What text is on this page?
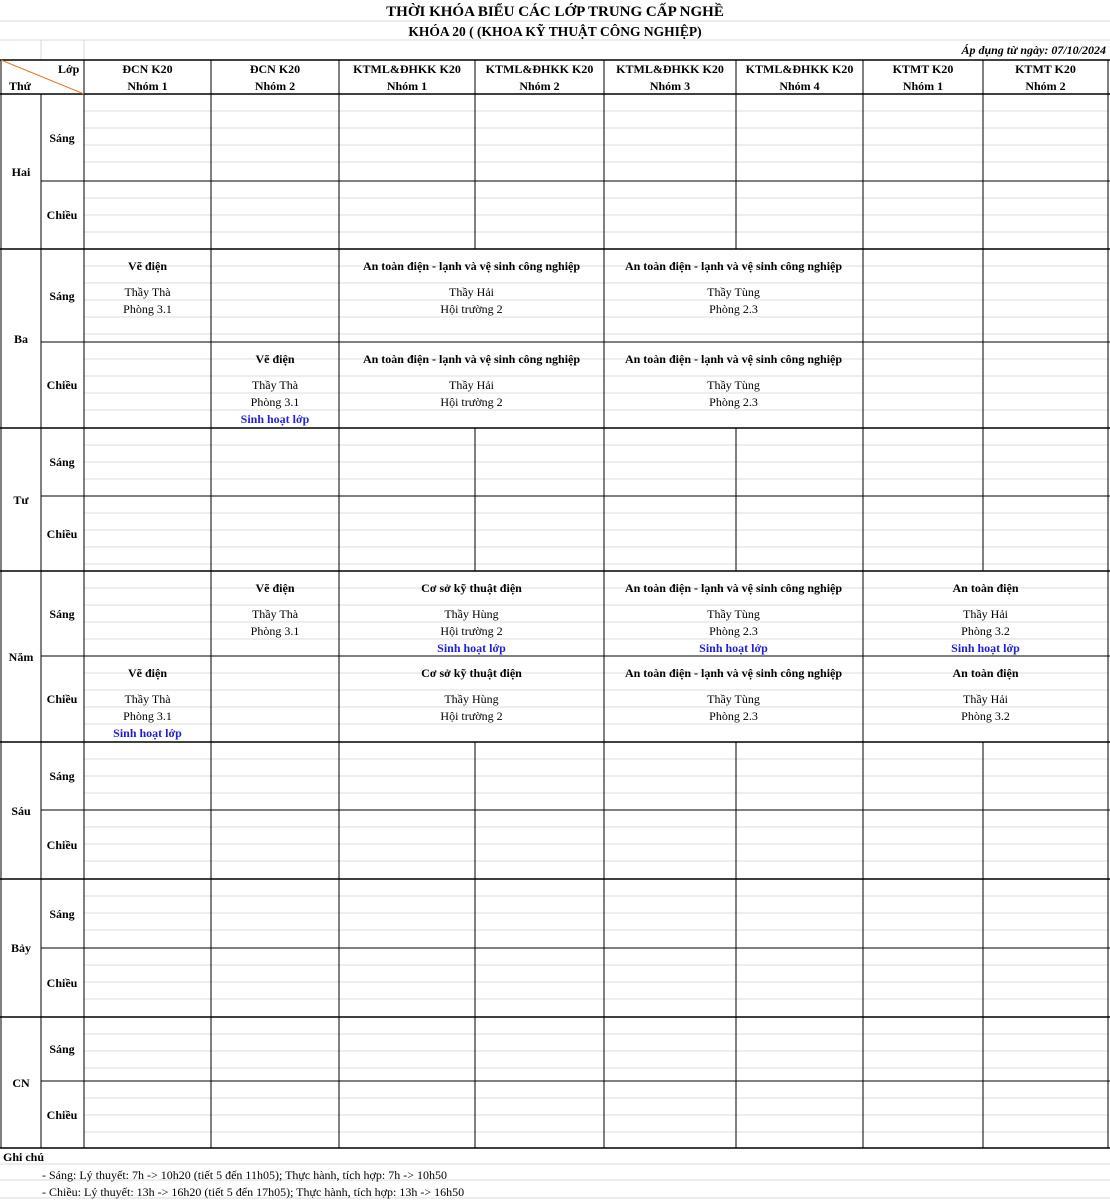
THỜI KHÓA BIỂU CÁC LỚP TRUNG CẤP NGHỀ
KHÓA 20 ( (KHOA KỸ THUẬT CÔNG NGHIỆP)
Áp dụng từ ngày: 07/10/2024
Lớp
Thứ
ĐCN K20
Nhóm 1
ĐCN K20
Nhóm 2
KTML&ĐHKK K20
Nhóm 1
KTML&ĐHKK K20
Nhóm 2
KTML&ĐHKK K20
Nhóm 3
KTML&ĐHKK K20
Nhóm 4
KTMT K20
Nhóm 1
KTMT K20
Nhóm 2
Hai
Sáng
Chiều
Ba
Sáng
Chiều
Tư
Sáng
Chiều
Năm
Sáng
Chiều
Sáu
Sáng
Chiều
Bảy
Sáng
Chiều
CN
Sáng
Chiều
Vẽ điện
Thầy Thà
Phòng 3.1
An toàn điện - lạnh và vệ sinh công nghiệp
Thầy Hải
Hội trường 2
An toàn điện - lạnh và vệ sinh công nghiệp
Thầy Tùng
Phòng 2.3
Vẽ điện
Thầy Thà
Phòng 3.1
Sinh hoạt lớp
An toàn điện - lạnh và vệ sinh công nghiệp
Thầy Hải
Hội trường 2
An toàn điện - lạnh và vệ sinh công nghiệp
Thầy Tùng
Phòng 2.3
Vẽ điện
Thầy Thà
Phòng 3.1
Cơ sở kỹ thuật điện
Thầy Hùng
Hội trường 2
Sinh hoạt lớp
An toàn điện - lạnh và vệ sinh công nghiệp
Thầy Tùng
Phòng 2.3
Sinh hoạt lớp
An toàn điện
Thầy Hải
Phòng 3.2
Sinh hoạt lớp
Vẽ điện
Thầy Thà
Phòng 3.1
Sinh hoạt lớp
Cơ sở kỹ thuật điện
Thầy Hùng
Hội trường 2
An toàn điện - lạnh và vệ sinh công nghiệp
Thầy Tùng
Phòng 2.3
An toàn điện
Thầy Hải
Phòng 3.2
Ghi chú
- Sáng: Lý thuyết: 7h -> 10h20 (tiết 5 đến 11h05); Thực hành, tích hợp: 7h -> 10h50
- Chiều: Lý thuyết: 13h -> 16h20 (tiết 5 đến 17h05); Thực hành, tích hợp: 13h -> 16h50
